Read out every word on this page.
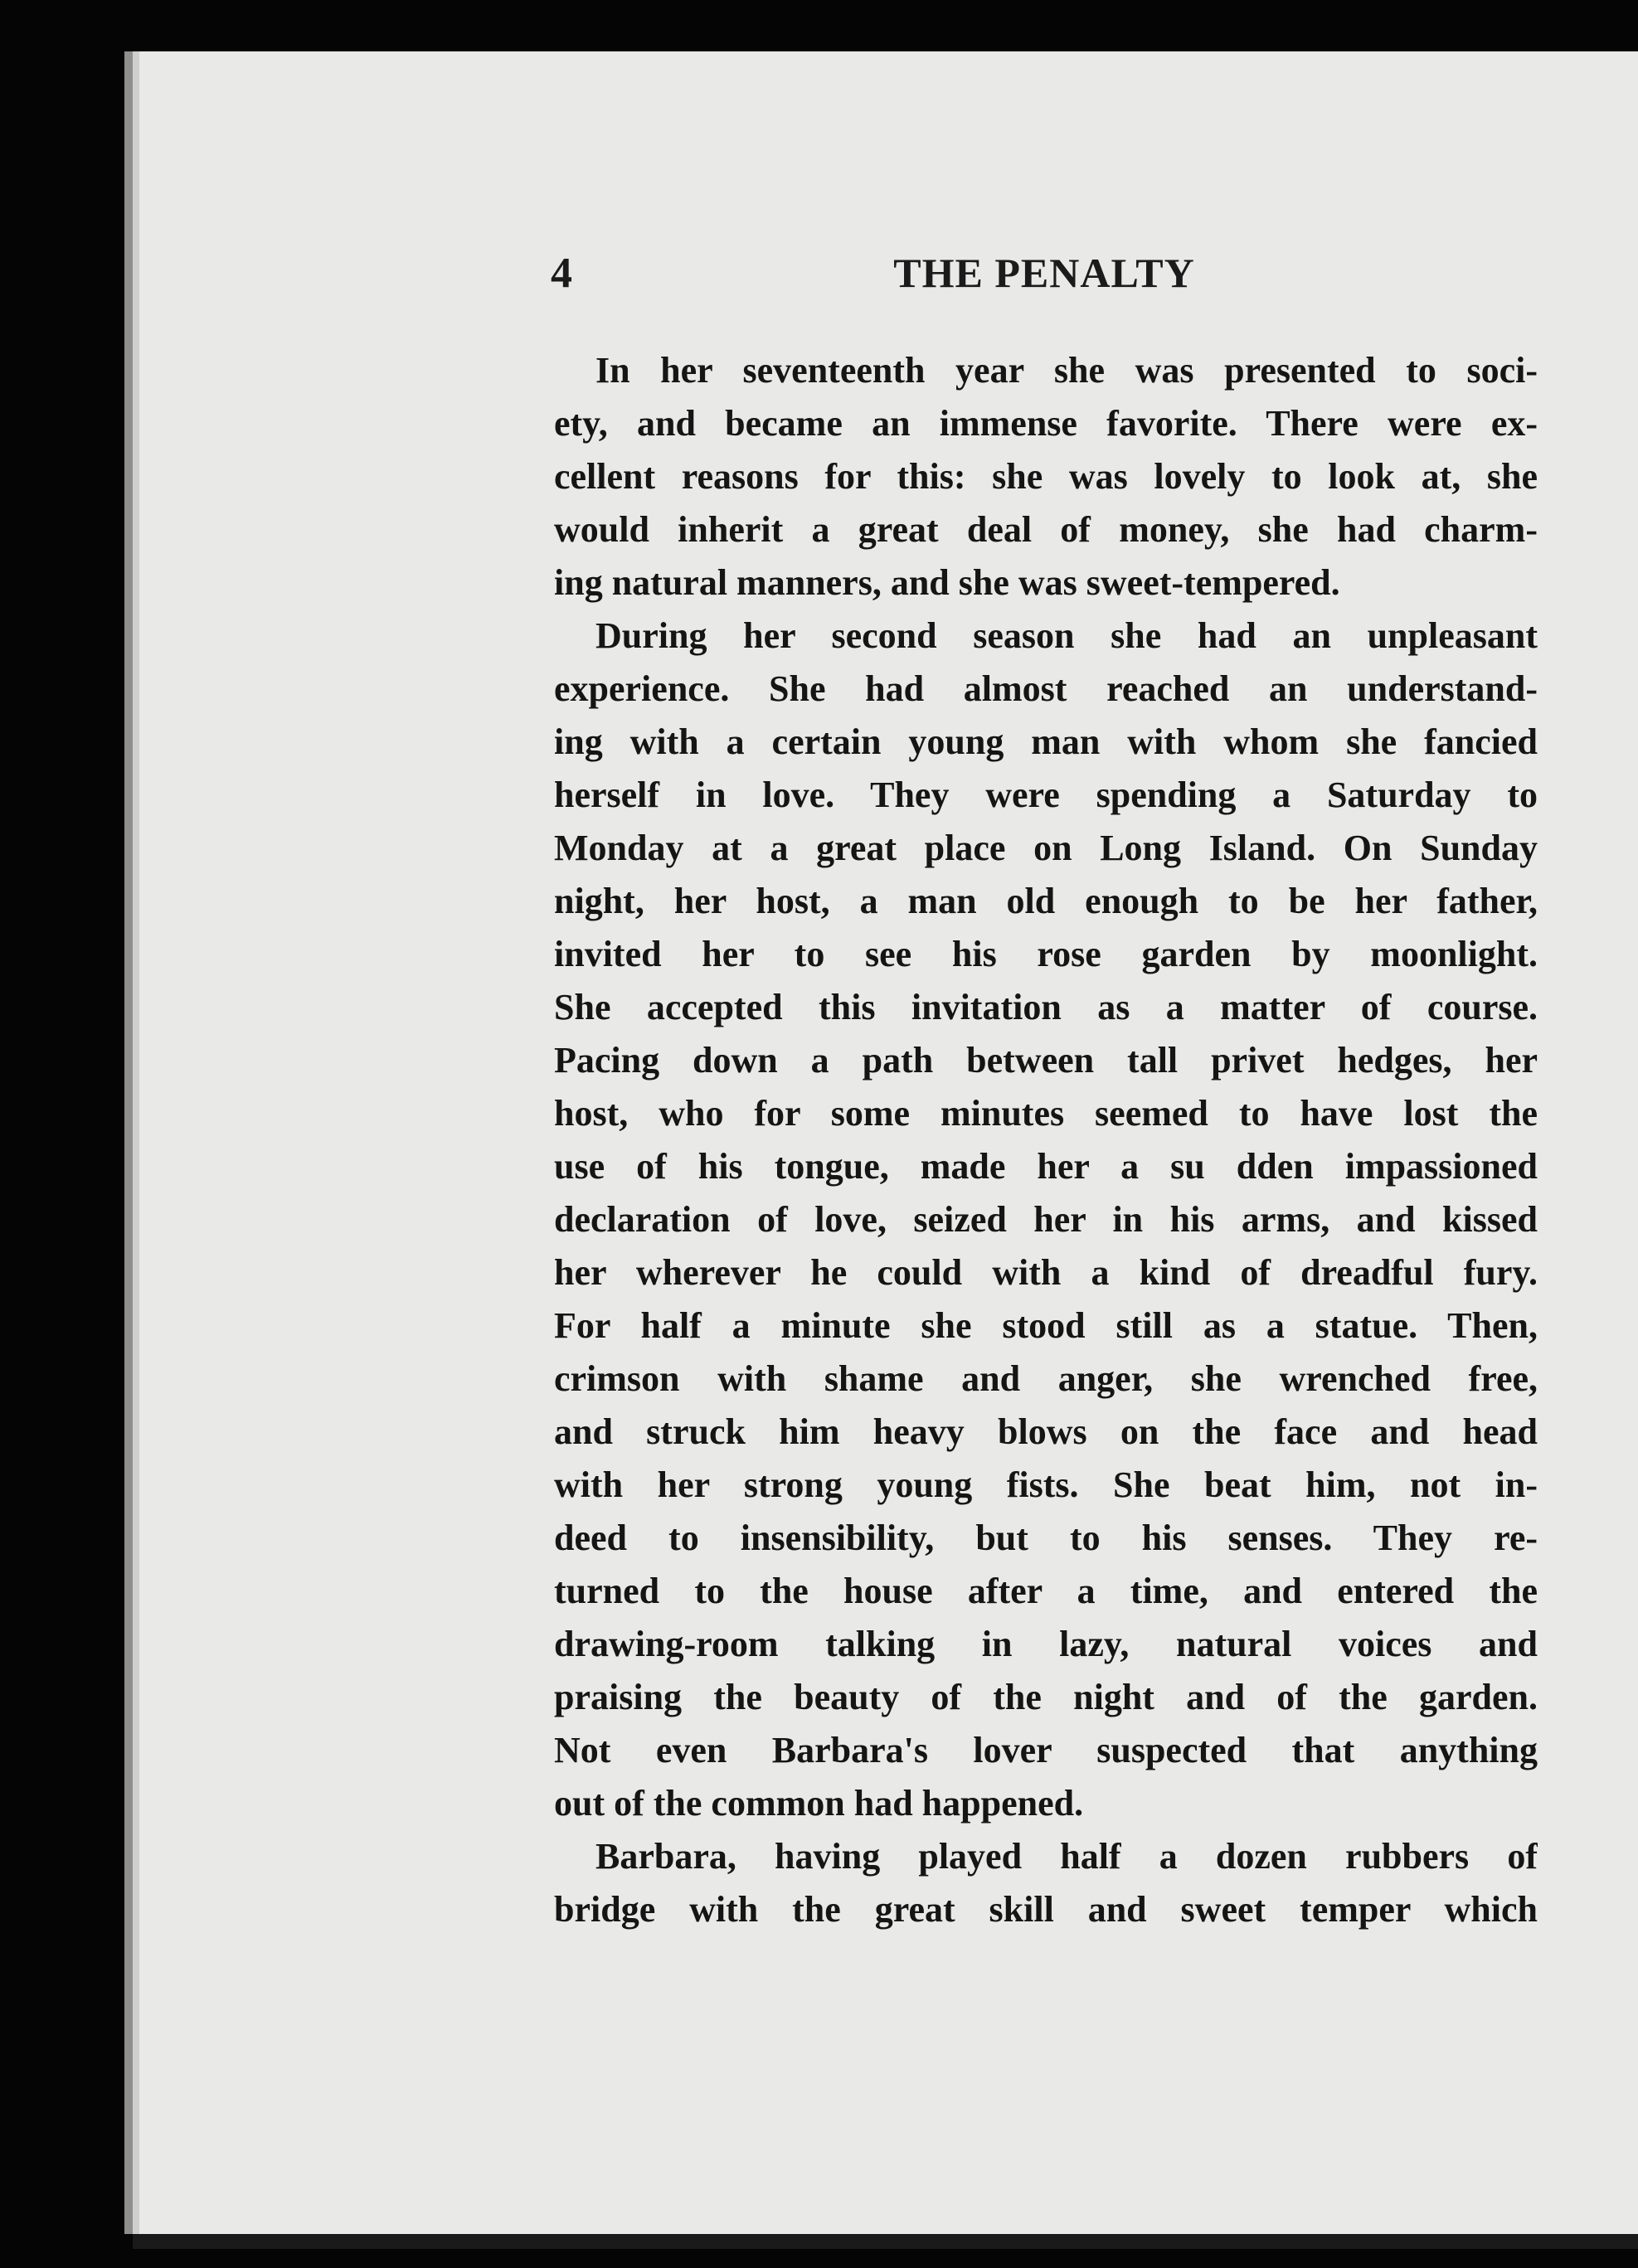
4	THE PENALTY
In her seventeenth year she was presented to soci-
ety, and became an immense favorite. There were ex-
cellent reasons for this: she was lovely to look at, she
would inherit a great deal of money, she had charm-
ing natural manners, and she was sweet-tempered.
During her second season she had an unpleasant
experience. She had almost reached an understand-
ing with a certain young man with whom she fancied
herself in love. They were spending a Saturday to
Monday at a great place on Long Island. On Sunday
night, her host, a man old enough to be her father,
invited her to see his rose garden by moonlight.
She accepted this invitation as a matter of course.
Pacing down a path between tall privet hedges, her
host, who for some minutes seemed to have lost the
use of his tongue, made her a su dden impassioned
declaration of love, seized her in his arms, and kissed
her wherever he could with a kind of dreadful fury.
For half a minute she stood still as a statue. Then,
crimson with shame and anger, she wrenched free,
and struck him heavy blows on the face and head
with her strong young fists. She beat him, not in-
deed to insensibility, but to his senses. They re-
turned to the house after a time, and entered the
drawing-room talking in lazy, natural voices and
praising the beauty of the night and of the garden.
Not even Barbara's lover suspected that anything
out of the common had happened.
Barbara, having played half a dozen rubbers of
bridge with the great skill and sweet temper which
